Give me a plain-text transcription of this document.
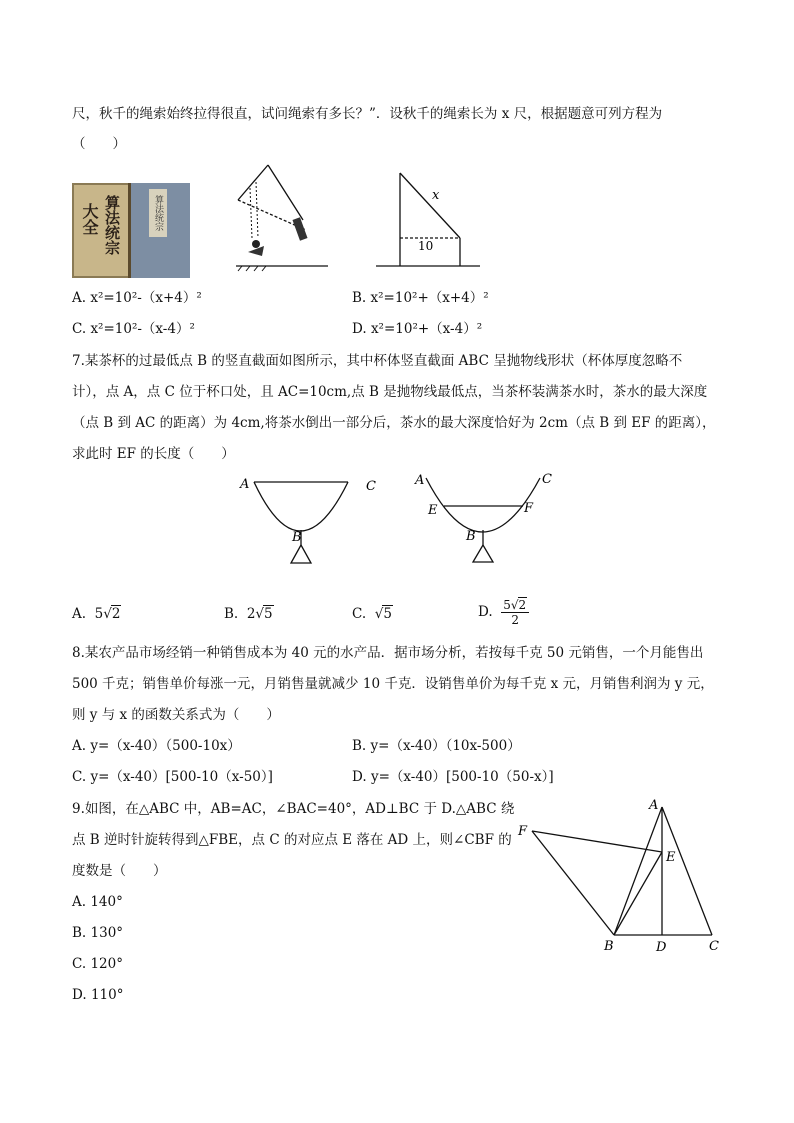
尺，秋千的绳索始终拉得很直，试问绳索有多长？”．设秋千的绳索长为 x 尺，根据题意可列方程为
（　　）
大全 算法统宗	算法统宗	x
10
A. x²=10²-（x+4）²	B. x²=10²+（x+4）²
C. x²=10²-（x-4）²	D. x²=10²+（x-4）²
7.某茶杯的过最低点 B 的竖直截面如图所示，其中杯体竖直截面 ABC 呈抛物线形状（杯体厚度忽略不
计），点 A，点 C 位于杯口处，且 AC=10cm,点 B 是抛物线最低点，当茶杯装满茶水时，茶水的最大深度
（点 B 到 AC 的距离）为 4cm,将茶水倒出一部分后，茶水的最大深度恰好为 2cm（点 B 到 EF 的距离），
求此时 EF 的长度（　　）
A	C
B
A	C
E	F
B
A. 5√2	B. 2√5	C. √5	D. $\frac{5√2}{2}$
8.某农产品市场经销一种销售成本为 40 元的水产品．据市场分析，若按每千克 50 元销售，一个月能售出
500 千克；销售单价每涨一元，月销售量就减少 10 千克．设销售单价为每千克 x 元，月销售利润为 y 元，
则 y 与 x 的函数关系式为（　　）
A. y=（x-40）（500-10x）	B. y=（x-40）（10x-500）
C. y=（x-40）[500-10（x-50）]	D. y=（x-40）[500-10（50-x）]
9.如图，在△ABC 中，AB=AC，∠BAC=40°，AD⊥BC 于 D.△ABC 绕
点 B 逆时针旋转得到△FBE，点 C 的对应点 E 落在 AD 上，则∠CBF 的
度数是（　　）
A. 140°
B. 130°
C. 120°
D. 110°
A
F
E
B	D	C
